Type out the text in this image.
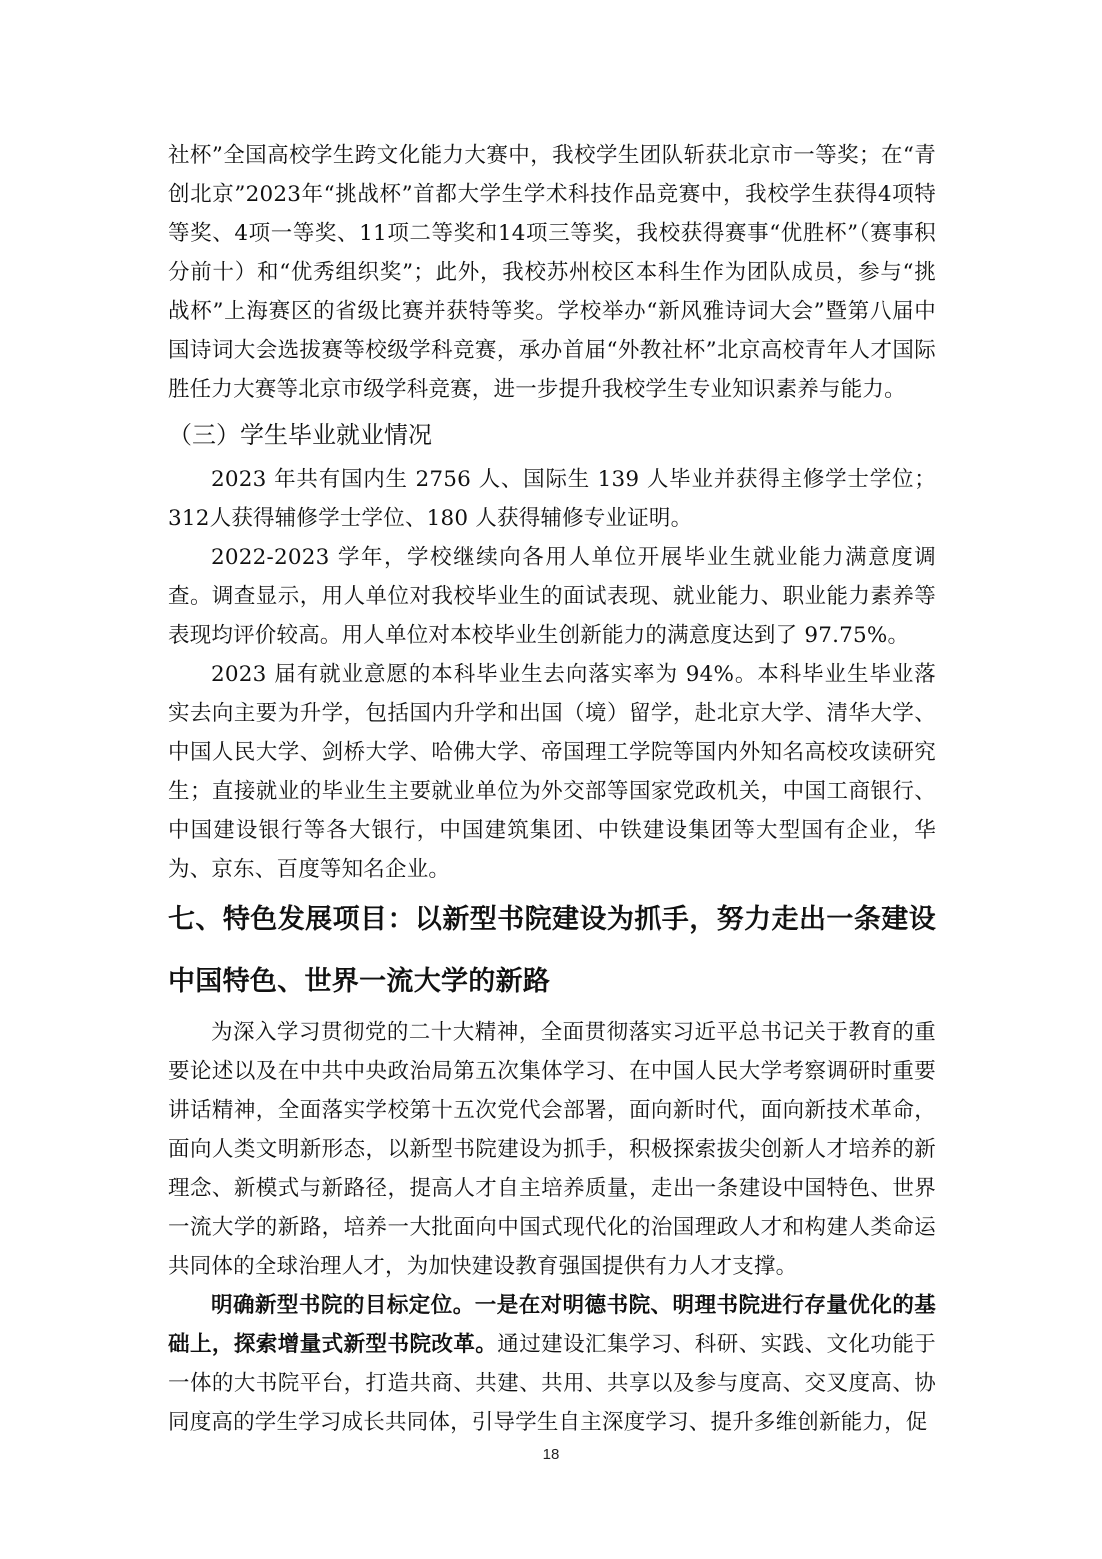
社杯”全国高校学生跨文化能力大赛中，我校学生团队斩获北京市一等奖；在“青创北京”2023年“挑战杯”首都大学生学术科技作品竞赛中，我校学生获得4项特等奖、4项一等奖、11项二等奖和14项三等奖，我校获得赛事“优胜杯”（赛事积分前十）和“优秀组织奖”；此外，我校苏州校区本科生作为团队成员，参与“挑战杯”上海赛区的省级比赛并获特等奖。学校举办“新风雅诗词大会”暨第八届中国诗词大会选拔赛等校级学科竞赛，承办首届“外教社杯”北京高校青年人才国际胜任力大赛等北京市级学科竞赛，进一步提升我校学生专业知识素养与能力。

（三）学生毕业就业情况

2023 年共有国内生 2756 人、国际生 139 人毕业并获得主修学士学位；312人获得辅修学士学位、180 人获得辅修专业证明。

2022-2023 学年，学校继续向各用人单位开展毕业生就业能力满意度调查。调查显示，用人单位对我校毕业生的面试表现、就业能力、职业能力素养等表现均评价较高。用人单位对本校毕业生创新能力的满意度达到了 97.75%。

2023 届有就业意愿的本科毕业生去向落实率为 94%。本科毕业生毕业落实去向主要为升学，包括国内升学和出国（境）留学，赴北京大学、清华大学、中国人民大学、剑桥大学、哈佛大学、帝国理工学院等国内外知名高校攻读研究生；直接就业的毕业生主要就业单位为外交部等国家党政机关，中国工商银行、中国建设银行等各大银行，中国建筑集团、中铁建设集团等大型国有企业，华为、京东、百度等知名企业。

七、特色发展项目：以新型书院建设为抓手，努力走出一条建设中国特色、世界一流大学的新路

为深入学习贯彻党的二十大精神，全面贯彻落实习近平总书记关于教育的重要论述以及在中共中央政治局第五次集体学习、在中国人民大学考察调研时重要讲话精神，全面落实学校第十五次党代会部署，面向新时代，面向新技术革命，面向人类文明新形态，以新型书院建设为抓手，积极探索拔尖创新人才培养的新理念、新模式与新路径，提高人才自主培养质量，走出一条建设中国特色、世界一流大学的新路，培养一大批面向中国式现代化的治国理政人才和构建人类命运共同体的全球治理人才，为加快建设教育强国提供有力人才支撑。

明确新型书院的目标定位。一是在对明德书院、明理书院进行存量优化的基础上，探索增量式新型书院改革。通过建设汇集学习、科研、实践、文化功能于一体的大书院平台，打造共商、共建、共用、共享以及参与度高、交叉度高、协同度高的学生学习成长共同体，引导学生自主深度学习、提升多维创新能力，促

18
